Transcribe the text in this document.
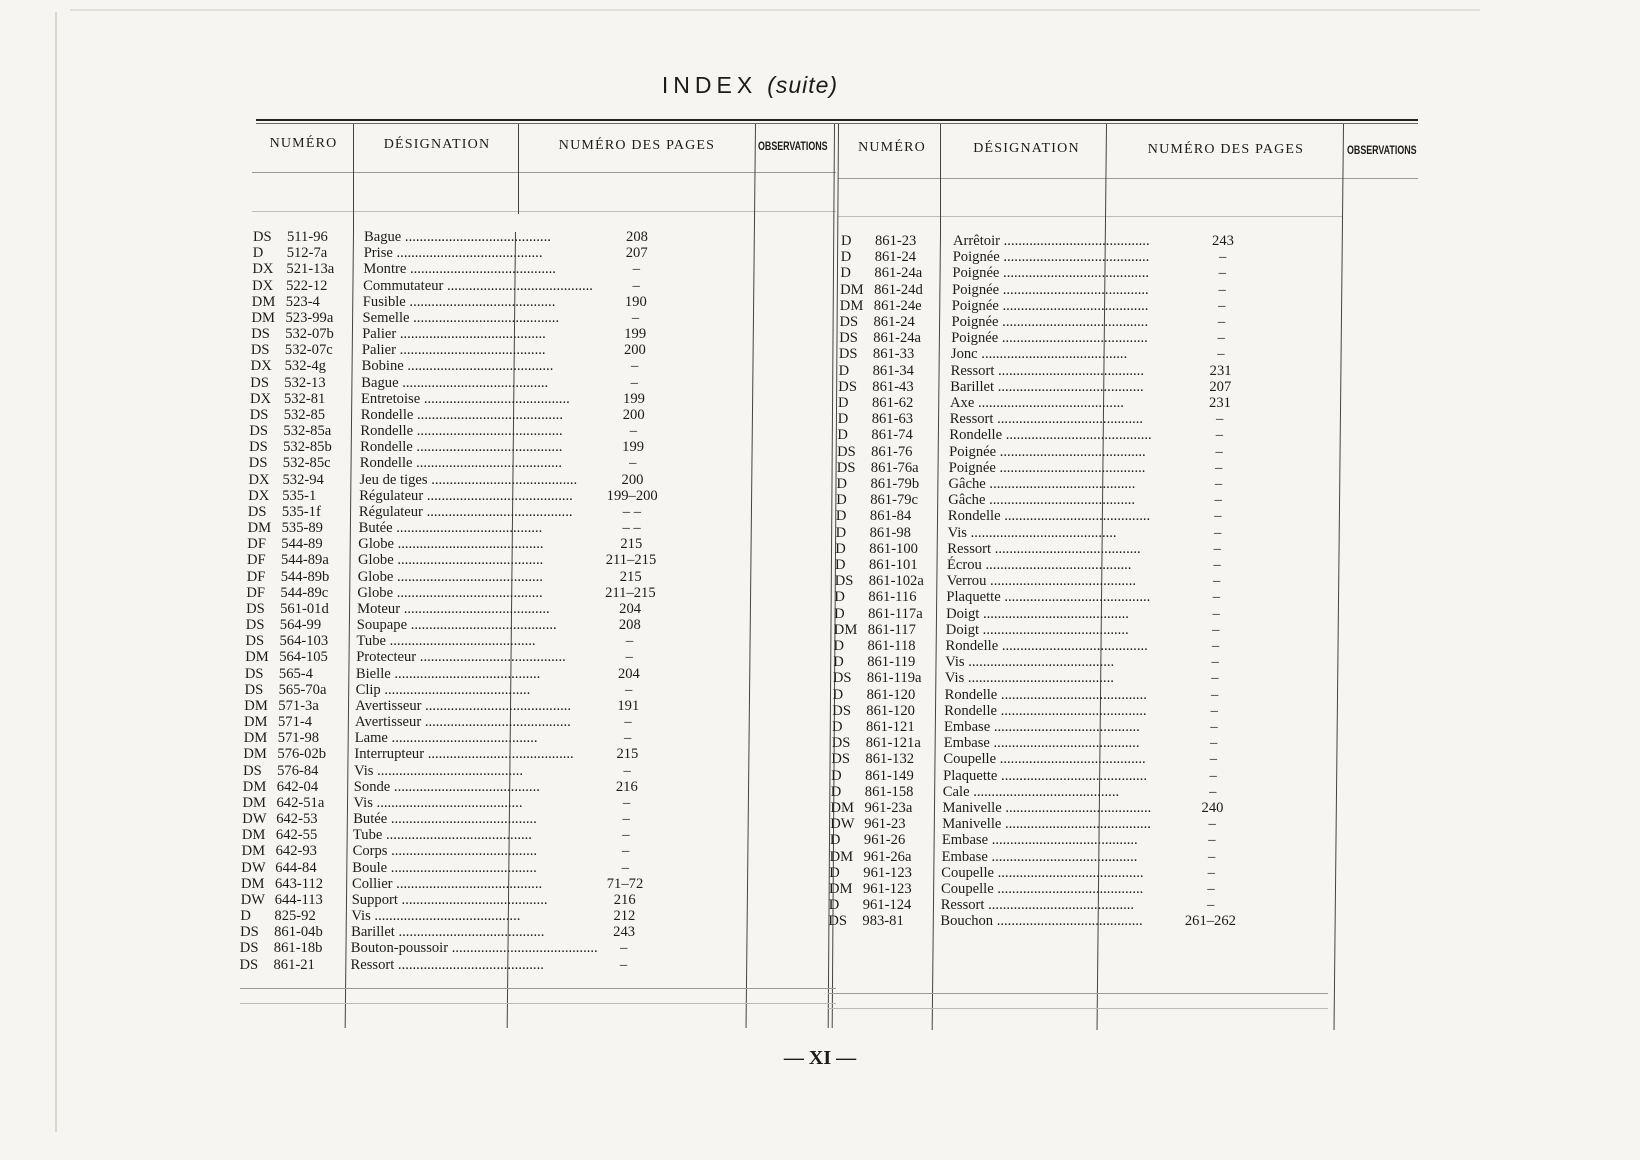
INDEX (suite)
NUMÉRO	DÉSIGNATION	NUMÉRO DES PAGES	OBSERVATIONS	NUMÉRO	DÉSIGNATION	NUMÉRO DES PAGES	OBSERVATIONS
DS 511-96 Bague ........................................	208
D 512-7a Prise ........................................	207
DX 521-13a Montre ........................................	–
DX 522-12 Commutateur ........................................	–
DM 523-4	Fusible ........................................	190
DM 523-99a Semelle ........................................	–
DS 532-07b Palier ........................................	199
DS 532-07c Palier ........................................	200
DX 532-4g Bobine ........................................	–
DS 532-13 Bague ........................................	–
DX 532-81 Entretoise ........................................	199
DS 532-85 Rondelle ........................................	200
DS 532-85a Rondelle ........................................	–
DS 532-85b Rondelle ........................................	199
DS 532-85c Rondelle ........................................	–
DX 532-94 Jeu de tiges ........................................	200
DX 535-1	Régulateur ........................................	199–200
DS 535-1f	Régulateur ........................................	– –
DM 535-89 Butée ........................................	– –
DF 544-89 Globe ........................................	215
DF 544-89a Globe ........................................	211–215
DF 544-89b Globe ........................................	215
DF 544-89c Globe ........................................	211–215
DS 561-01d Moteur ........................................	204
DS 564-99 Soupape ........................................	208
DS 564-103 Tube ........................................	–
DM 564-105 Protecteur ........................................	–
DS 565-4	Bielle ........................................	204
DS 565-70a Clip ........................................	–
DM 571-3a Avertisseur ........................................	191
DM 571-4	Avertisseur ........................................	–
DM 571-98 Lame ........................................	–
DM 576-02b Interrupteur ........................................	215
DS 576-84 Vis ........................................	–
DM 642-04 Sonde ........................................	216
DM 642-51a Vis ........................................	–
DW 642-53 Butée ........................................	–
DM 642-55 Tube ........................................	–
DM 642-93 Corps ........................................	–
DW 644-84 Boule ........................................	–
DM 643-112 Collier ........................................	71–72
DW 644-113 Support ........................................	216
D 825-92 Vis ........................................	212
DS 861-04b Barillet ........................................	243
DS 861-18b Bouton-poussoir ........................................	–
DS 861-21 Ressort ........................................	–
D 861-23	Arrêtoir ........................................	243
D 861-24	Poignée ........................................	–
D 861-24a Poignée ........................................	–
DM 861-24d Poignée ........................................	–
DM 861-24e Poignée ........................................	–
DS 861-24	Poignée ........................................	–
DS 861-24a Poignée ........................................	–
DS 861-33	Jonc ........................................	–
D 861-34	Ressort ........................................	231
DS 861-43	Barillet ........................................	207
D 861-62	Axe ........................................	231
D 861-63	Ressort ........................................	–
D 861-74	Rondelle ........................................	–
DS 861-76	Poignée ........................................	–
DS 861-76a Poignée ........................................	–
D 861-79b Gâche ........................................	–
D 861-79c Gâche ........................................	–
D 861-84	Rondelle ........................................	–
D 861-98	Vis ........................................	–
D 861-100 Ressort ........................................	–
D 861-101 Écrou ........................................	–
DS 861-102a Verrou ........................................	–
D 861-116 Plaquette ........................................	–
D 861-117a Doigt ........................................	–
DM 861-117 Doigt ........................................	–
D 861-118 Rondelle ........................................	–
D 861-119 Vis ........................................	–
DS 861-119a Vis ........................................	–
D 861-120 Rondelle ........................................	–
DS 861-120 Rondelle ........................................	–
D 861-121 Embase ........................................	–
DS 861-121a Embase ........................................	–
DS 861-132 Coupelle ........................................	–
D 861-149 Plaquette ........................................	–
D 861-158 Cale ........................................	–
DM 961-23a Manivelle ........................................	240
DW 961-23	Manivelle ........................................	–
D 961-26	Embase ........................................	–
DM 961-26a Embase ........................................	–
D 961-123 Coupelle ........................................	–
DM 961-123 Coupelle ........................................	–
D 961-124 Ressort ........................................	–
DS 983-81	Bouchon ........................................	261–262
— XI —
